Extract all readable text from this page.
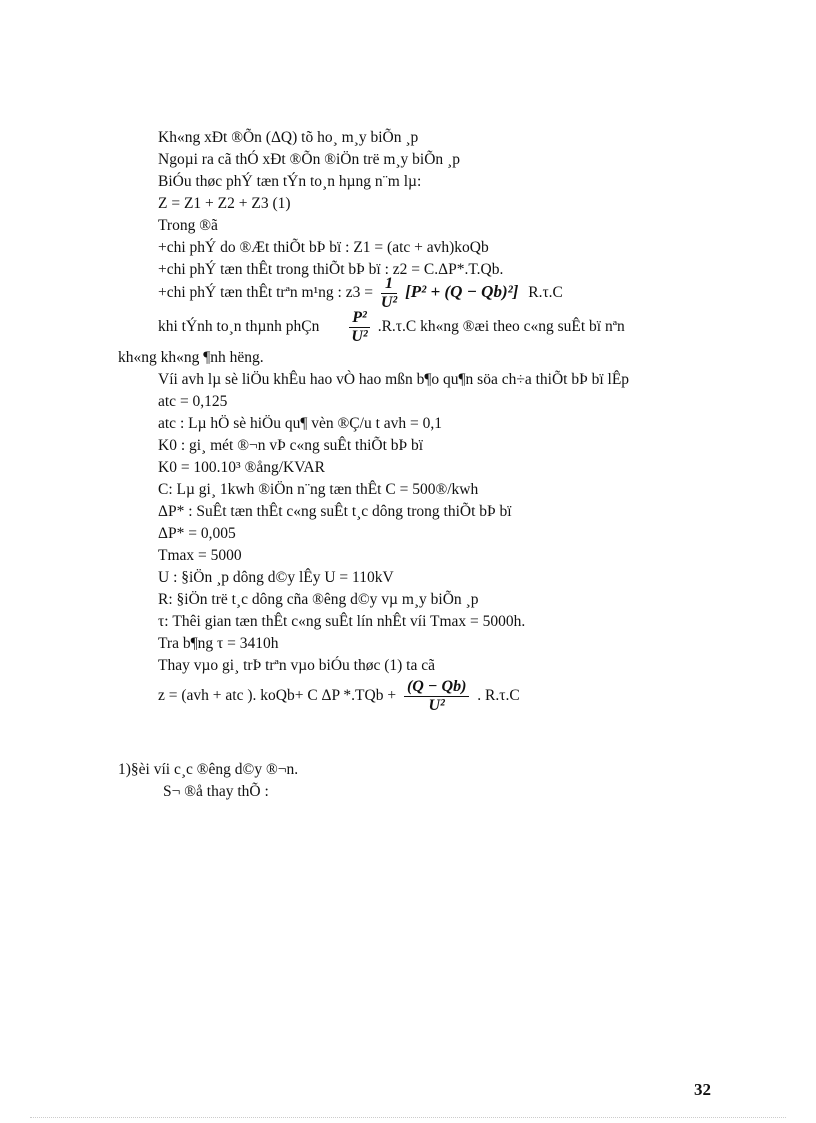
Kh«ng xÐt ®Õn (ΔQ) tõ ho¸ m¸y biÕn ¸p
Ngoµi ra cã thÓ xÐt ®Õn ®iÖn trë m¸y biÕn ¸p
BiÓu thøc phÝ tæn tÝn to¸n hµng n¨m lµ:
Z = Z1 + Z2 + Z3 (1)
Trong ®ã
+chi phÝ do ®Æt thiÕt bÞ bï : Z1 = (atc + avh)koQb
+chi phÝ tæn thÊt trong thiÕt bÞ bï : z2 = C.ΔP*.T.Qb.
+chi phÝ tæn thÊt trªn m¹ng : $z3 = \frac{1}{\text{U²}} [P^2 + (Q - Qb)^2]$ R.τ.C
khi tÝnh to¸n thµnh phÇn $\frac{\text{P²}}{\text{U²}} .R.\tau.C$ kh«ng ®æi theo c«ng suÊt bï nªn
kh«ng kh«ng ¶nh hëng.
Víi avh lµ sè liÖu khÊu hao vÒ hao mßn b¶o qu¶n söa ch÷a thiÕt bÞ bï lÊp
atc = 0,125
atc : Lµ hÖ sè hiÖu qu¶ vèn ®Ç/u t avh = 0,1
K0 : gi¸ mét ®¬n vÞ c«ng suÊt thiÕt bÞ bï
K0 = 100.10³ ®ång/KVAR
C: Lµ gi¸ 1kwh ®iÖn n¨ng tæn thÊt C = 500®/kwh
ΔP* : SuÊt tæn thÊt c«ng suÊt t¸c dông trong thiÕt bÞ bï
ΔP* = 0,005
Tmax = 5000
U : §iÖn ¸p dông d©y lÊy U = 110kV
R: §iÖn trë t¸c dông cña ®êng d©y vµ m¸y biÕn ¸p
τ: Thêi gian tæn thÊt c«ng suÊt lín nhÊt víi Tmax = 5000h.
Tra b¶ng τ = 3410h
Thay vµo gi¸ trÞ trªn vµo biÓu thøc (1) ta cã
z = (avh + atc ). koQb+ C ΔP $*.TQb + \frac{(Q - Qb)}{\text{U²}}$ . R.τ.C
1)§èi víi c¸c ®êng d©y ®¬n.
S¬ ®å thay thÕ :
32
